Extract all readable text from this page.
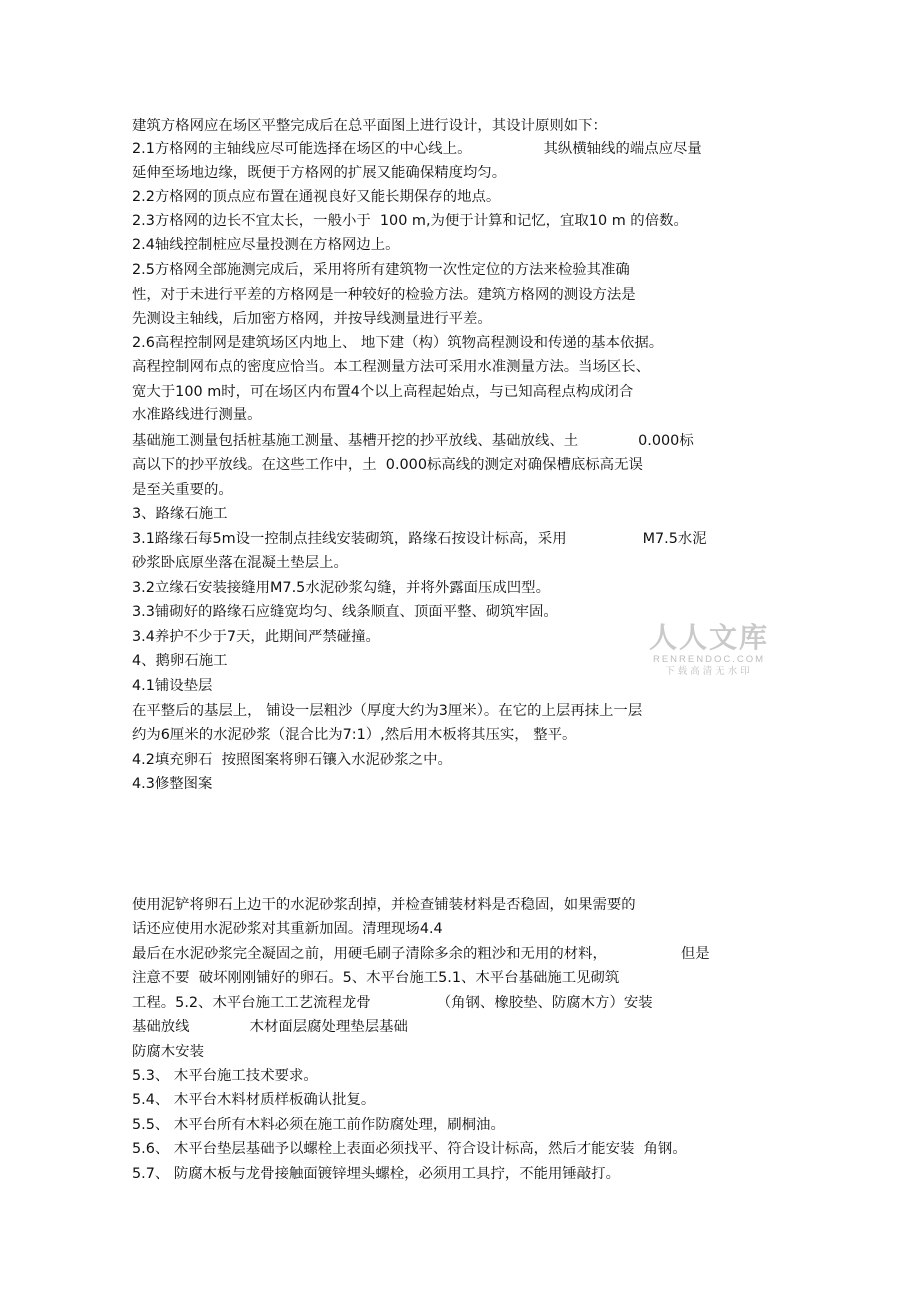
建筑方格网应在场区平整完成后在总平面图上进行设计，其设计原则如下：
2.1方格网的主轴线应尽可能选择在场区的中心线上。	其纵横轴线的端点应尽量
延伸至场地边缘，既便于方格网的扩展又能确保精度均匀。
2.2方格网的顶点应布置在通视良好又能长期保存的地点。
2.3方格网的边长不宜太长，一般小于  100 m,为便于计算和记忆，宜取10 m 的倍数。
2.4轴线控制桩应尽量投测在方格网边上。
2.5方格网全部施测完成后，采用将所有建筑物一次性定位的方法来检验其准确
性，对于未进行平差的方格网是一种较好的检验方法。建筑方格网的测设方法是
先测设主轴线，后加密方格网，并按导线测量进行平差。
2.6高程控制网是建筑场区内地上、 地下建（构）筑物高程测设和传递的基本依据。
高程控制网布点的密度应恰当。本工程测量方法可采用水准测量方法。当场区长、
宽大于100 m时，可在场区内布置4个以上高程起始点，与已知高程点构成闭合
水准路线进行测量。
基础施工测量包括桩基施工测量、基槽开挖的抄平放线、基础放线、土	0.000标
高以下的抄平放线。在这些工作中，土  0.000标高线的测定对确保槽底标高无误
是至关重要的。
3、路缘石施工
3.1路缘石每5m设一控制点挂线安装砌筑，路缘石按设计标高，采用	M7.5水泥
砂浆卧底原坐落在混凝土垫层上。
3.2立缘石安装接缝用M7.5水泥砂浆勾缝，并将外露面压成凹型。
3.3铺砌好的路缘石应缝宽均匀、线条顺直、顶面平整、砌筑牢固。
3.4养护不少于7天，此期间严禁碰撞。
4、鹅卵石施工
4.1铺设垫层
在平整后的基层上， 铺设一层粗沙（厚度大约为3厘米）。在它的上层再抹上一层
约为6厘米的水泥砂浆（混合比为7:1）,然后用木板将其压实， 整平。
4.2填充卵石  按照图案将卵石镶入水泥砂浆之中。
4.3修整图案
使用泥铲将卵石上边干的水泥砂浆刮掉，并检查铺装材料是否稳固，如果需要的
话还应使用水泥砂浆对其重新加固。清理现场4.4
最后在水泥砂浆完全凝固之前，用硬毛刷子清除多余的粗沙和无用的材料，	但是
注意不要  破坏刚刚铺好的卵石。5、木平台施工5.1、木平台基础施工见砌筑
工程。5.2、木平台施工工艺流程龙骨	（角钢、橡胶垫、防腐木方）安装
基础放线	木材面层腐处理垫层基础
防腐木安装
5.3、 木平台施工技术要求。
5.4、 木平台木料材质样板确认批复。
5.5、 木平台所有木料必须在施工前作防腐处理，刷桐油。
5.6、 木平台垫层基础予以螺栓上表面必须找平、符合设计标高，然后才能安装  角钢。
5.7、 防腐木板与龙骨接触面镀锌埋头螺栓，必须用工具拧，不能用锤敲打。
人人文库
RENRENDOC.COM
下载高清无水印
